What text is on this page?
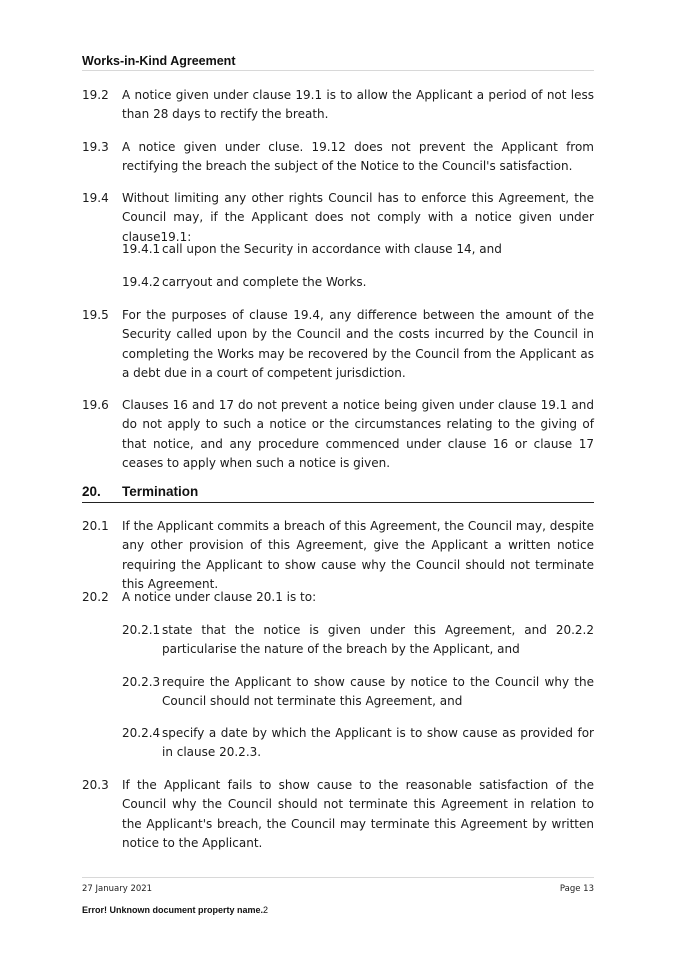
Works-in-Kind Agreement
19.2	A notice given under clause 19.1 is to allow the Applicant a period of not less than 28 days to rectify the breath.
19.3	A notice given under cluse. 19.12 does not prevent the Applicant from rectifying the breach the subject of the Notice to the Council's satisfaction.
19.4	Without limiting any other rights Council has to enforce this Agreement, the Council may, if the Applicant does not comply with a notice given under clause19.1:
19.4.1 call upon the Security in accordance with clause 14, and
19.4.2 carryout and complete the Works.
19.5	For the purposes of clause 19.4, any difference between the amount of the Security called upon by the Council and the costs incurred by the Council in completing the Works may be recovered by the Council from the Applicant as a debt due in a court of competent jurisdiction.
19.6	Clauses 16 and 17 do not prevent a notice being given under clause 19.1 and do not apply to such a notice or the circumstances relating to the giving of that notice, and any procedure commenced under clause 16 or clause 17 ceases to apply when such a notice is given.
20. Termination
20.1	If the Applicant commits a breach of this Agreement, the Council may, despite any other provision of this Agreement, give the Applicant a written notice requiring the Applicant to show cause why the Council should not terminate this Agreement.
20.2	A notice under clause 20.1 is to:
20.2.1 state that the notice is given under this Agreement, and 20.2.2 particularise the nature of the breach by the Applicant, and
20.2.3 require the Applicant to show cause by notice to the Council why the Council should not terminate this Agreement, and
20.2.4 specify a date by which the Applicant is to show cause as provided for in clause 20.2.3.
20.3	If the Applicant fails to show cause to the reasonable satisfaction of the Council why the Council should not terminate this Agreement in relation to the Applicant's breach, the Council may terminate this Agreement by written notice to the Applicant.
27 January 2021	Page 13
Error! Unknown document property name.2
